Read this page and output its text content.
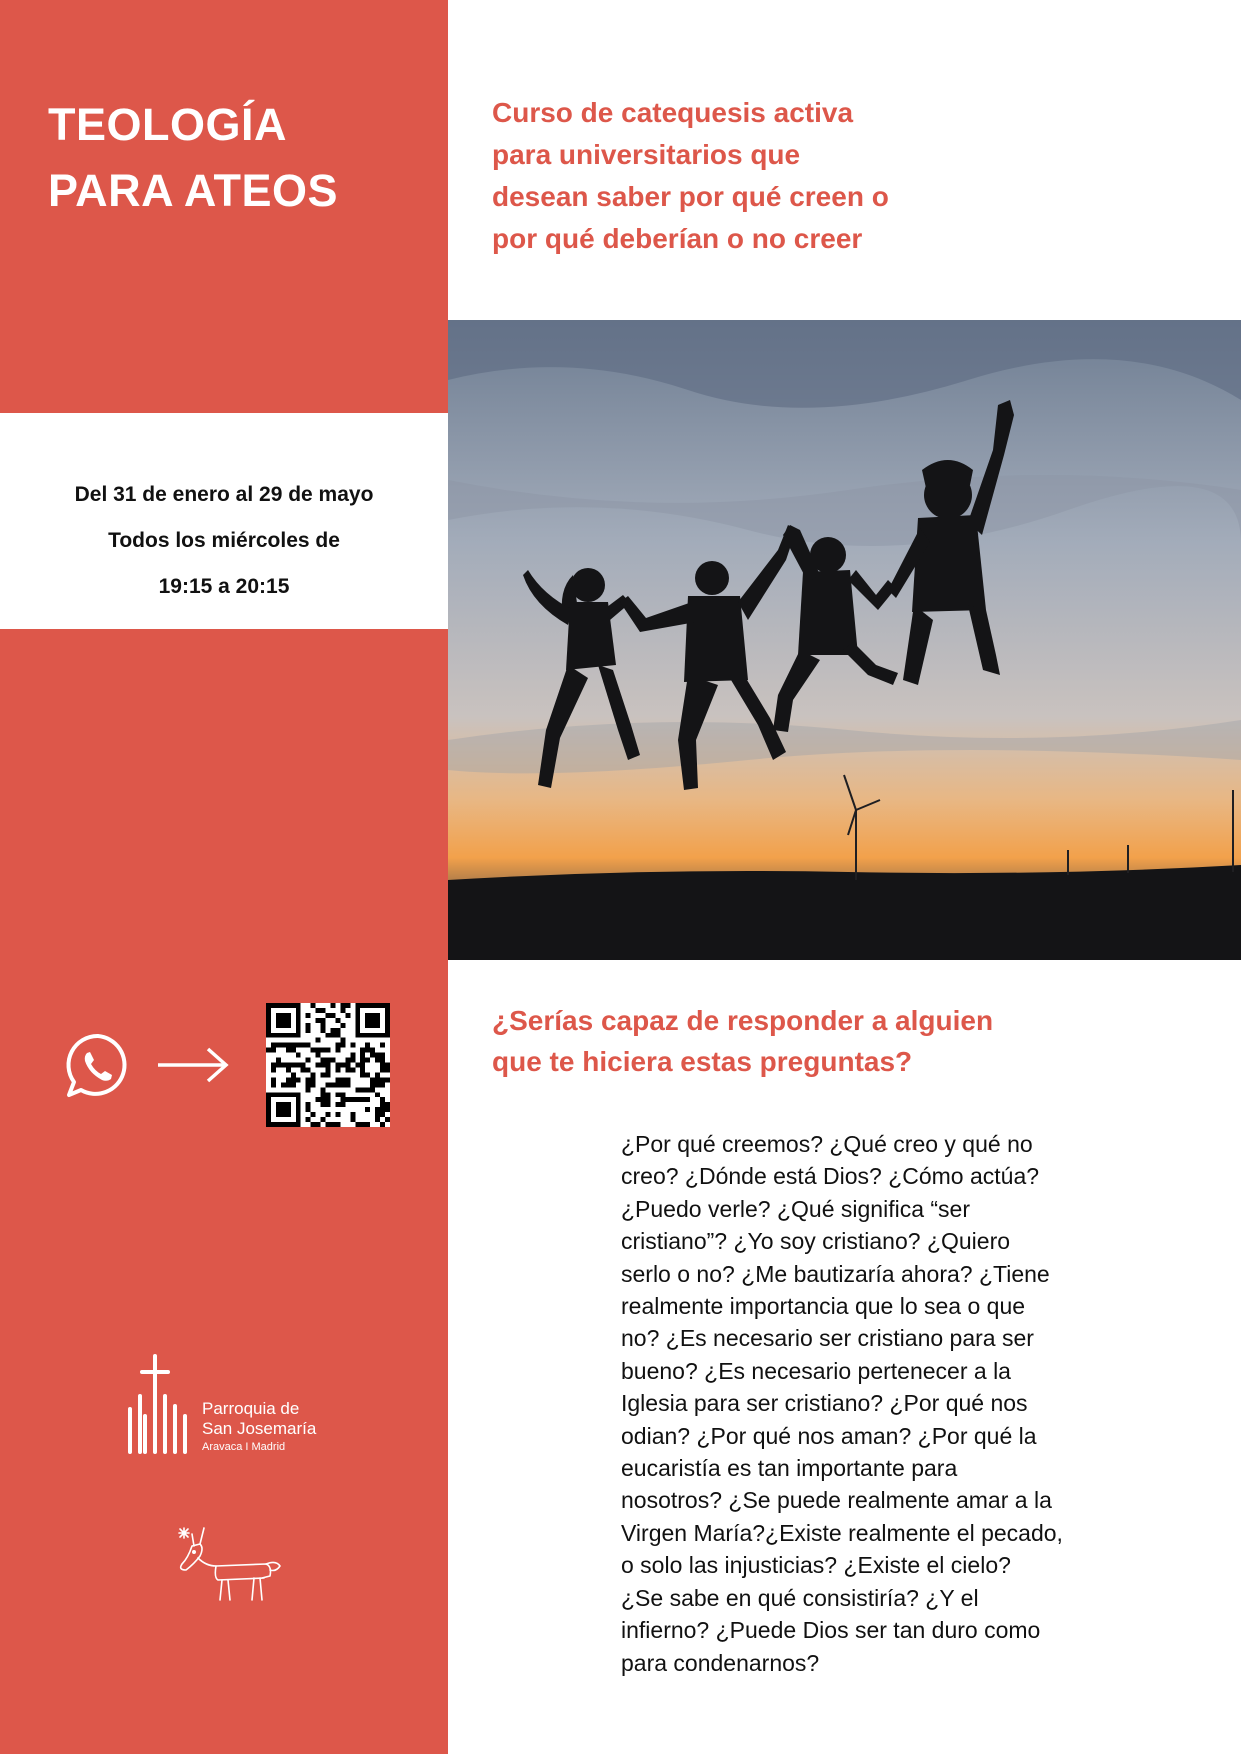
TEOLOGÍA
PARA ATEOS
Curso de catequesis activa
para universitarios que
desean saber por qué creen o
por qué deberían o no creer
Del 31 de enero al 29 de mayo
Todos los miércoles de
19:15 a 20:15
¿Serías capaz de responder a alguien
que te hiciera estas preguntas?
¿Por qué creemos? ¿Qué creo y qué no
creo? ¿Dónde está Dios? ¿Cómo actúa?
¿Puedo verle? ¿Qué significa “ser
cristiano”? ¿Yo soy cristiano? ¿Quiero
serlo o no? ¿Me bautizaría ahora? ¿Tiene
realmente importancia que lo sea o que
no? ¿Es necesario ser cristiano para ser
bueno? ¿Es necesario pertenecer a la
Iglesia para ser cristiano? ¿Por qué nos
odian? ¿Por qué nos aman? ¿Por qué la
eucaristía es tan importante para
nosotros? ¿Se puede realmente amar a la
Virgen María?¿Existe realmente el pecado,
o solo las injusticias? ¿Existe el cielo?
¿Se sabe en qué consistiría? ¿Y el
infierno? ¿Puede Dios ser tan duro como
para condenarnos?
Parroquia de
San Josemaría
Aravaca I Madrid
